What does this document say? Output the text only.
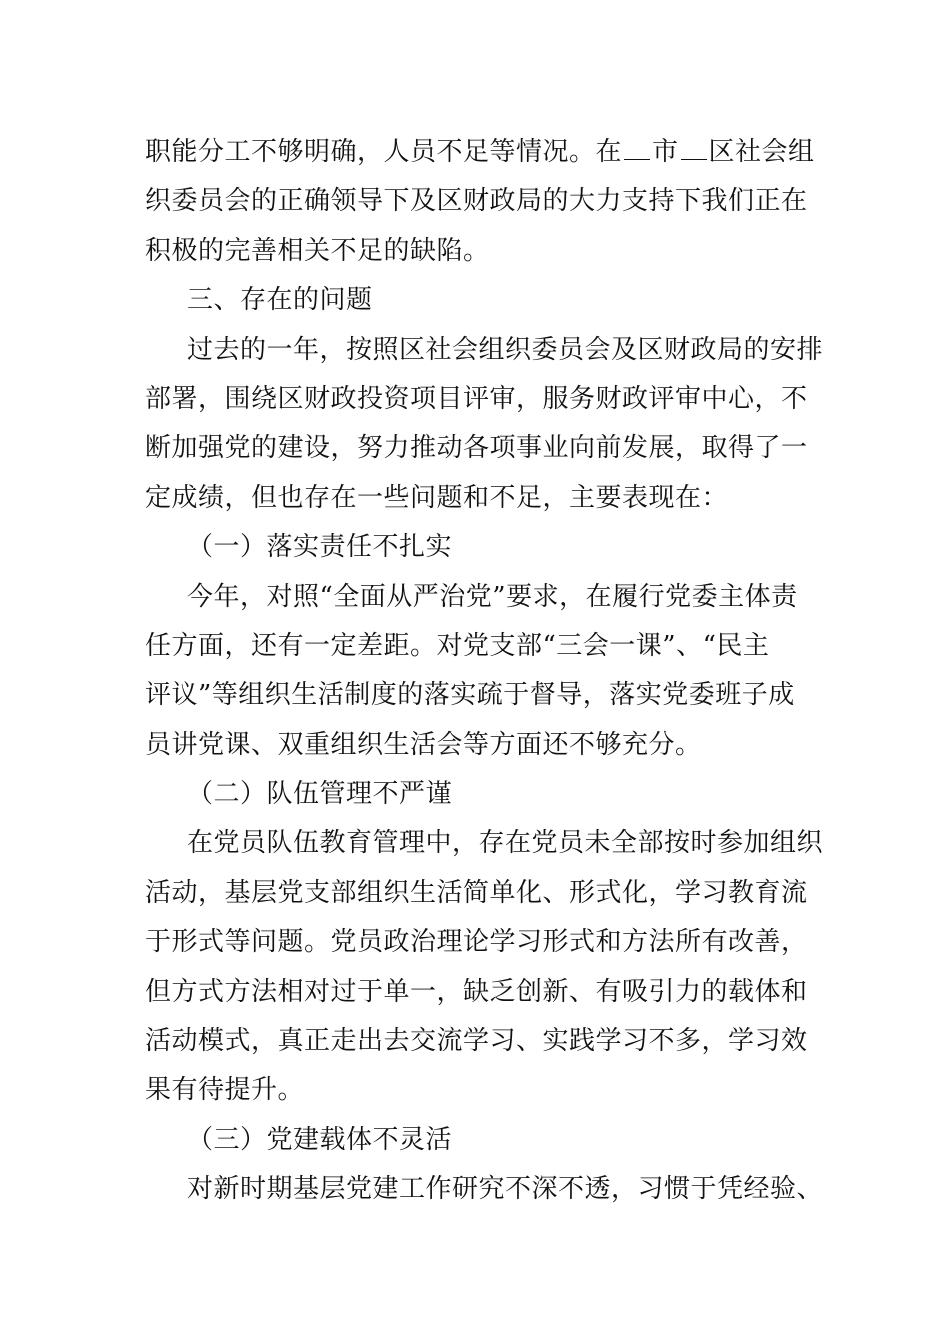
职能分工不够明确，人员不足等情况。在 市 区社会组
织委员会的正确领导下及区财政局的大力支持下我们正在
积极的完善相关不足的缺陷。
三、存在的问题
过去的一年，按照区社会组织委员会及区财政局的安排
部署，围绕区财政投资项目评审，服务财政评审中心，不
断加强党的建设，努力推动各项事业向前发展，取得了一
定成绩，但也存在一些问题和不足，主要表现在：
（一）落实责任不扎实
今年，对照“全面从严治党”要求，在履行党委主体责
任方面，还有一定差距。对党支部“三会一课”、“民主
评议”等组织生活制度的落实疏于督导，落实党委班子成
员讲党课、双重组织生活会等方面还不够充分。
（二）队伍管理不严谨
在党员队伍教育管理中，存在党员未全部按时参加组织
活动，基层党支部组织生活简单化、形式化，学习教育流
于形式等问题。党员政治理论学习形式和方法所有改善，
但方式方法相对过于单一，缺乏创新、有吸引力的载体和
活动模式，真正走出去交流学习、实践学习不多，学习效
果有待提升。
（三）党建载体不灵活
对新时期基层党建工作研究不深不透，习惯于凭经验、
